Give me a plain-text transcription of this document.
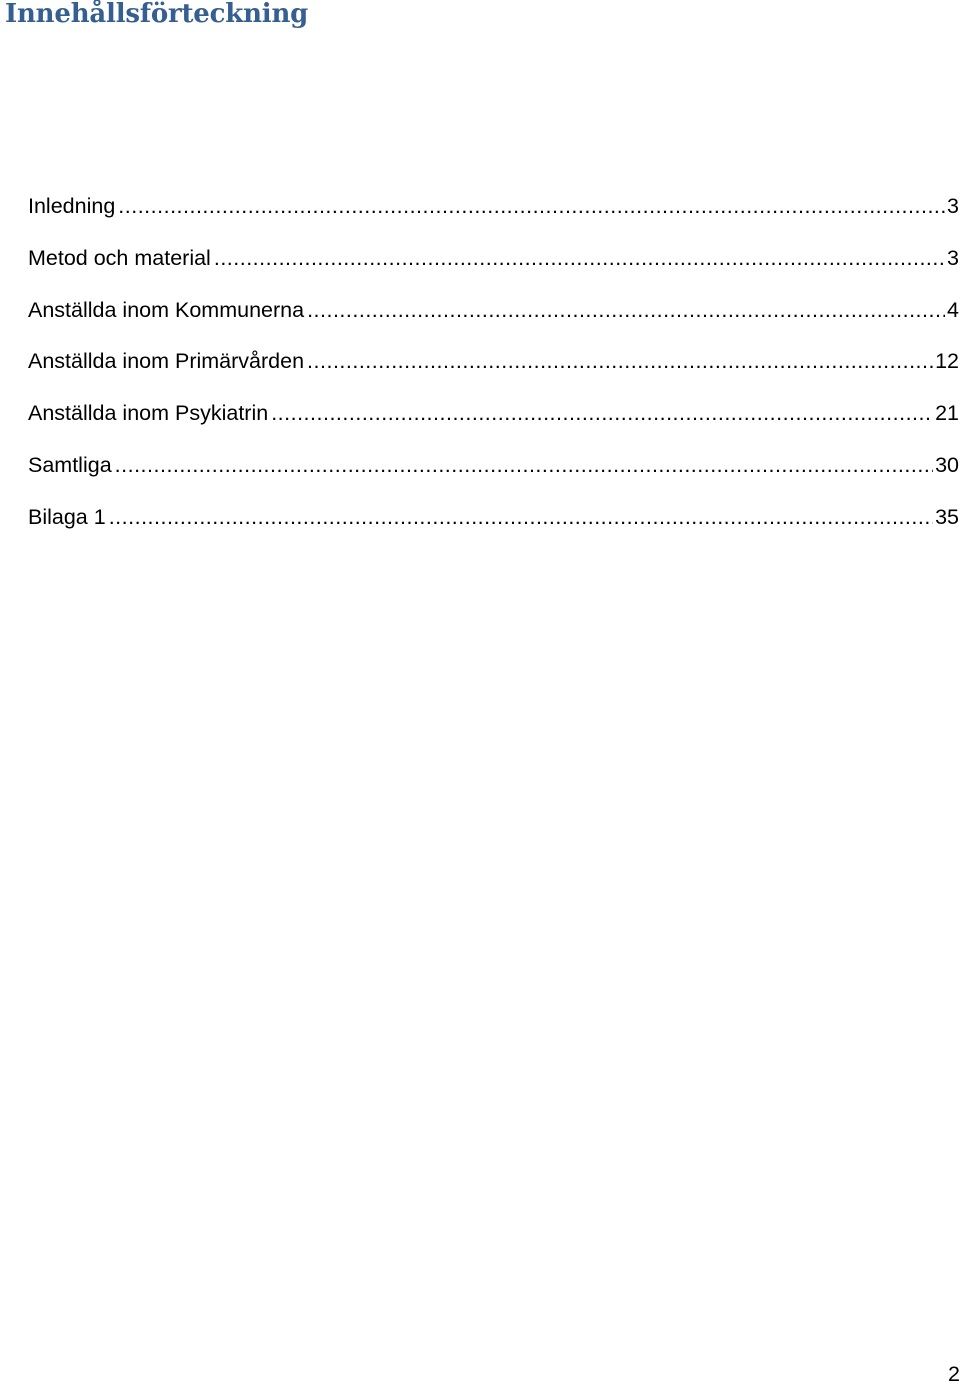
Innehållsförteckning
Inledning .....	3
Metod och material .....	3
Anställda inom Kommunerna .....	4
Anställda inom Primärvården .....	12
Anställda inom Psykiatrin .....	21
Samtliga .....	30
Bilaga 1 .....	35
2
